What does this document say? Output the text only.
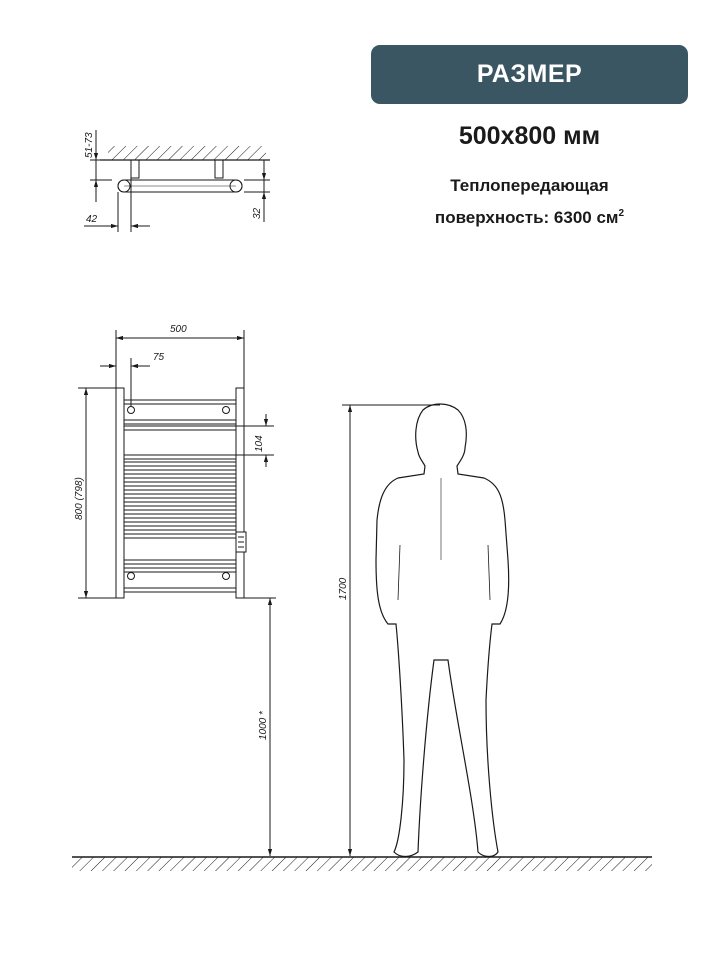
РАЗМЕР
500x800 мм
Теплопередающая
поверхность: 6300 $см^2$
51-73
42
32
500
75
104
800 (798)
1000 *
1700
